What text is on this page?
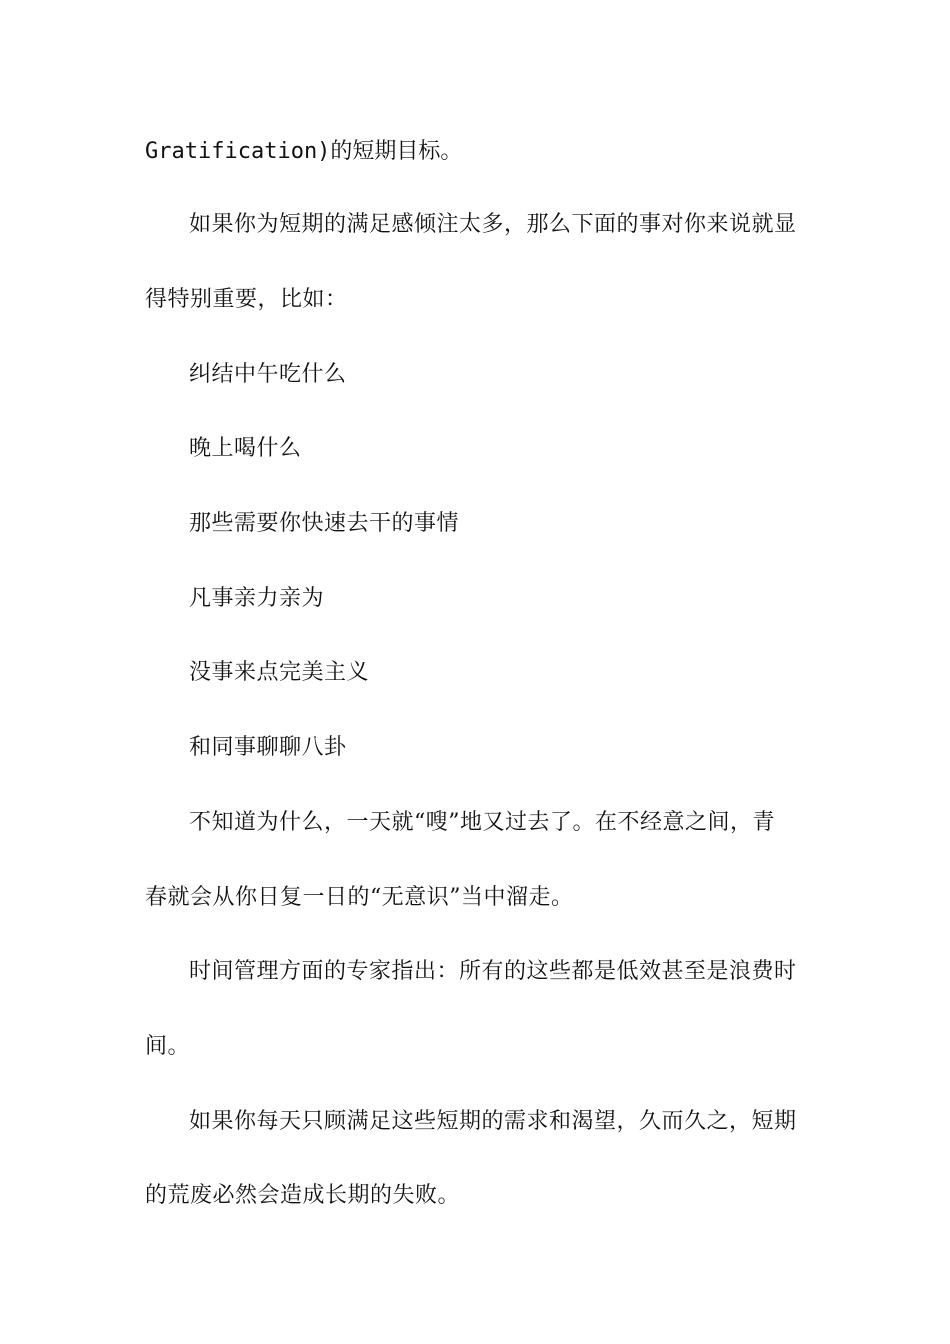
Gratification)的短期目标。

如果你为短期的满足感倾注太多，那么下面的事对你来说就显

得特别重要，比如：

纠结中午吃什么

晚上喝什么

那些需要你快速去干的事情

凡事亲力亲为

没事来点完美主义

和同事聊聊八卦

不知道为什么，一天就“嗖”地又过去了。在不经意之间，青

春就会从你日复一日的“无意识”当中溜走。

时间管理方面的专家指出：所有的这些都是低效甚至是浪费时

间。

如果你每天只顾满足这些短期的需求和渴望，久而久之，短期

的荒废必然会造成长期的失败。
